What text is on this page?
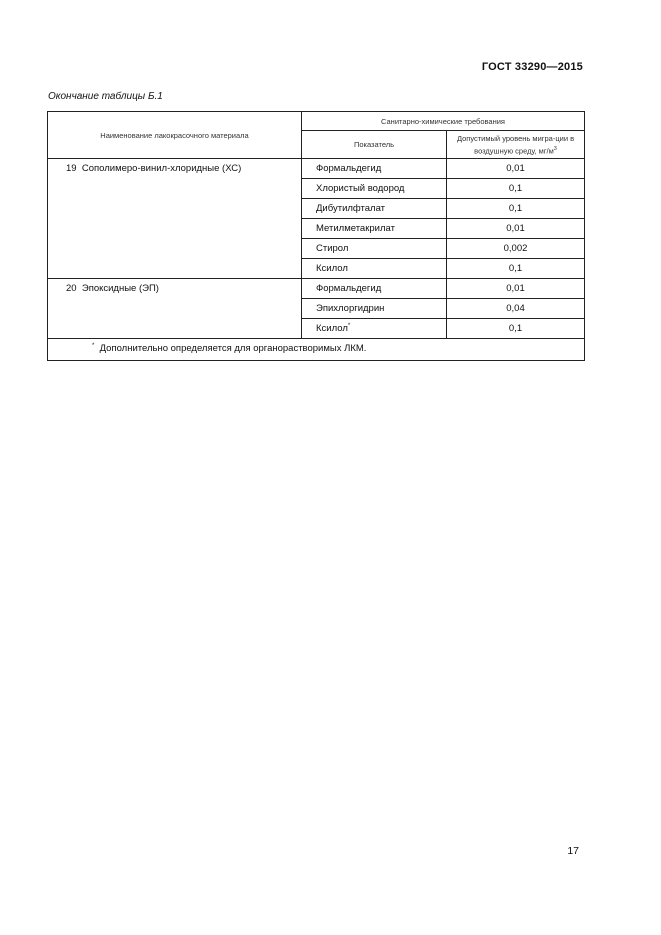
ГОСТ 33290—2015
Окончание таблицы Б.1
Наименование лакокрасочного материала	Санитарно-химические требования	
	Показатель	Допустимый уровень мигра-ции в воздушную среду, $мг/м^3$
19 Сополимеро-винил-хлоридные (ХС)	Формальдегид	0,01
	Хлористый водород	0,1
	Дибутилфталат	0,1
	Метилметакрилат	0,01
	Стирол	0,002
	Ксилол	0,1
20 Эпоксидные (ЭП)	Формальдегид	0,01
	Эпихлоргидрин	0,04
	Ксилол*	0,1
* Дополнительно определяется для органорастворимых ЛКМ.		
17
